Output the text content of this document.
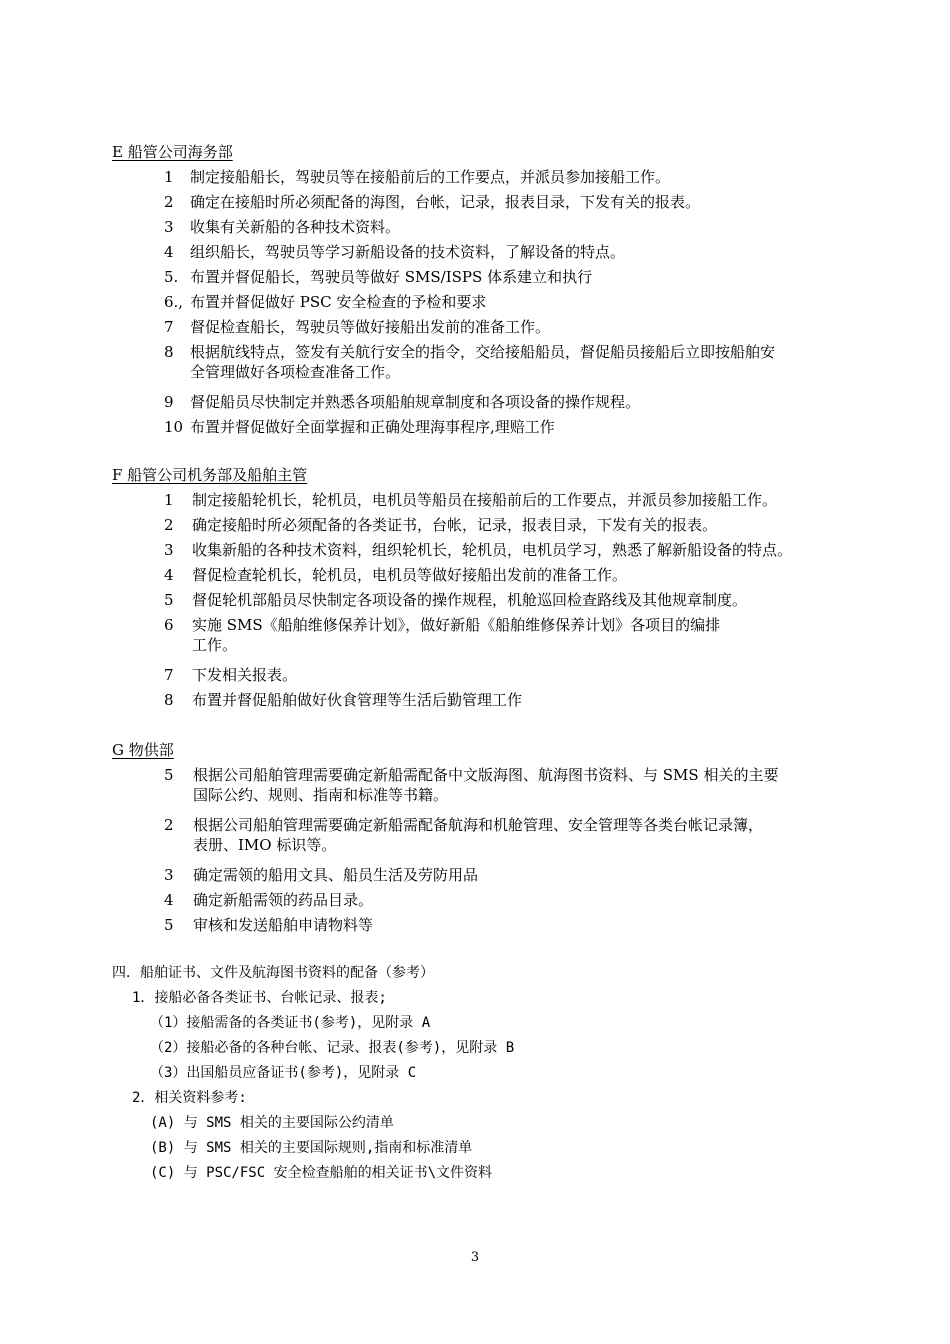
E 船管公司海务部
1	制定接船船长，驾驶员等在接船前后的工作要点，并派员参加接船工作。
2	确定在接船时所必须配备的海图，台帐，记录，报表目录，下发有关的报表。
3	收集有关新船的各种技术资料。
4	组织船长，驾驶员等学习新船设备的技术资料，了解设备的特点。
5. 布置并督促船长，驾驶员等做好 SMS/ISPS 体系建立和执行
6., 布置并督促做好 PSC 安全检查的予检和要求
7	督促检查船长，驾驶员等做好接船出发前的准备工作。
8	根据航线特点，签发有关航行安全的指令，交给接船船员，督促船员接船后立即按船舶安
全管理做好各项检查准备工作。
9	督促船员尽快制定并熟悉各项船舶规章制度和各项设备的操作规程。
10 布置并督促做好全面掌握和正确处理海事程序,理赔工作
F 船管公司机务部及船舶主管
1	制定接船轮机长，轮机员，电机员等船员在接船前后的工作要点，并派员参加接船工作。
2	确定接船时所必须配备的各类证书，台帐，记录，报表目录，下发有关的报表。
3	收集新船的各种技术资料，组织轮机长，轮机员，电机员学习，熟悉了解新船设备的特点。
4	督促检查轮机长，轮机员，电机员等做好接船出发前的准备工作。
5	督促轮机部船员尽快制定各项设备的操作规程，机舱巡回检查路线及其他规章制度。
6	实施 SMS《船舶维修保养计划》，做好新船《船舶维修保养计划》各项目的编排
工作。
7	下发相关报表。
8	布置并督促船舶做好伙食管理等生活后勤管理工作
G 物供部
5	根据公司船舶管理需要确定新船需配备中文版海图、航海图书资料、与 SMS 相关的主要
国际公约、规则、指南和标准等书籍。
2	根据公司船舶管理需要确定新船需配备航海和机舱管理、安全管理等各类台帐记录簿，
表册、IMO 标识等。
3	确定需领的船用文具、船员生活及劳防用品
4	确定新船需领的药品目录。
5	审核和发送船舶申请物料等
四．船舶证书、文件及航海图书资料的配备（参考）
1．接船必备各类证书、台帐记录、报表;
（1）接船需备的各类证书(参考)，见附录 A
（2）接船必备的各种台帐、记录、报表(参考)，见附录 B
（3）出国船员应备证书(参考)，见附录 C
2．相关资料参考:
(A) 与 SMS 相关的主要国际公约清单
(B) 与 SMS 相关的主要国际规则,指南和标准清单
(C) 与 PSC/FSC 安全检查船舶的相关证书\文件资料
3
